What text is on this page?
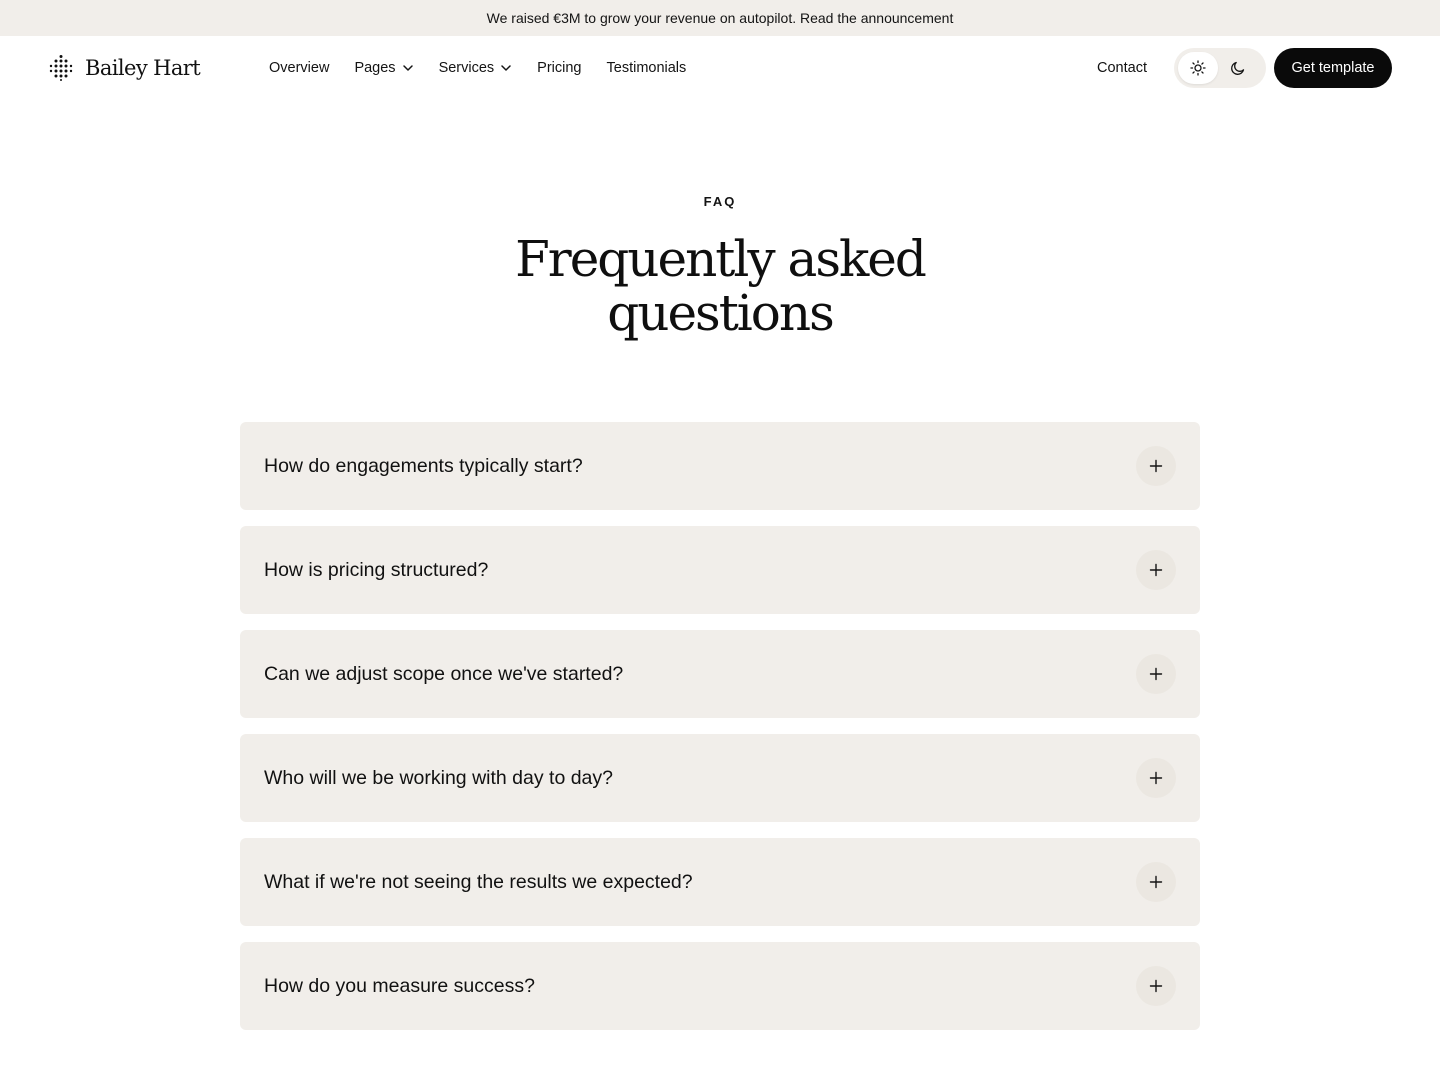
We raised €3M to grow your revenue on autopilot. Read the announcement
Bailey Hart	Overview Pages	Services	Pricing Testimonials	Contact	Get template
FAQ
Frequently asked
questions
How do engagements typically start?
How is pricing structured?
Can we adjust scope once we've started?
Who will we be working with day to day?
What if we're not seeing the results we expected?
How do you measure success?
